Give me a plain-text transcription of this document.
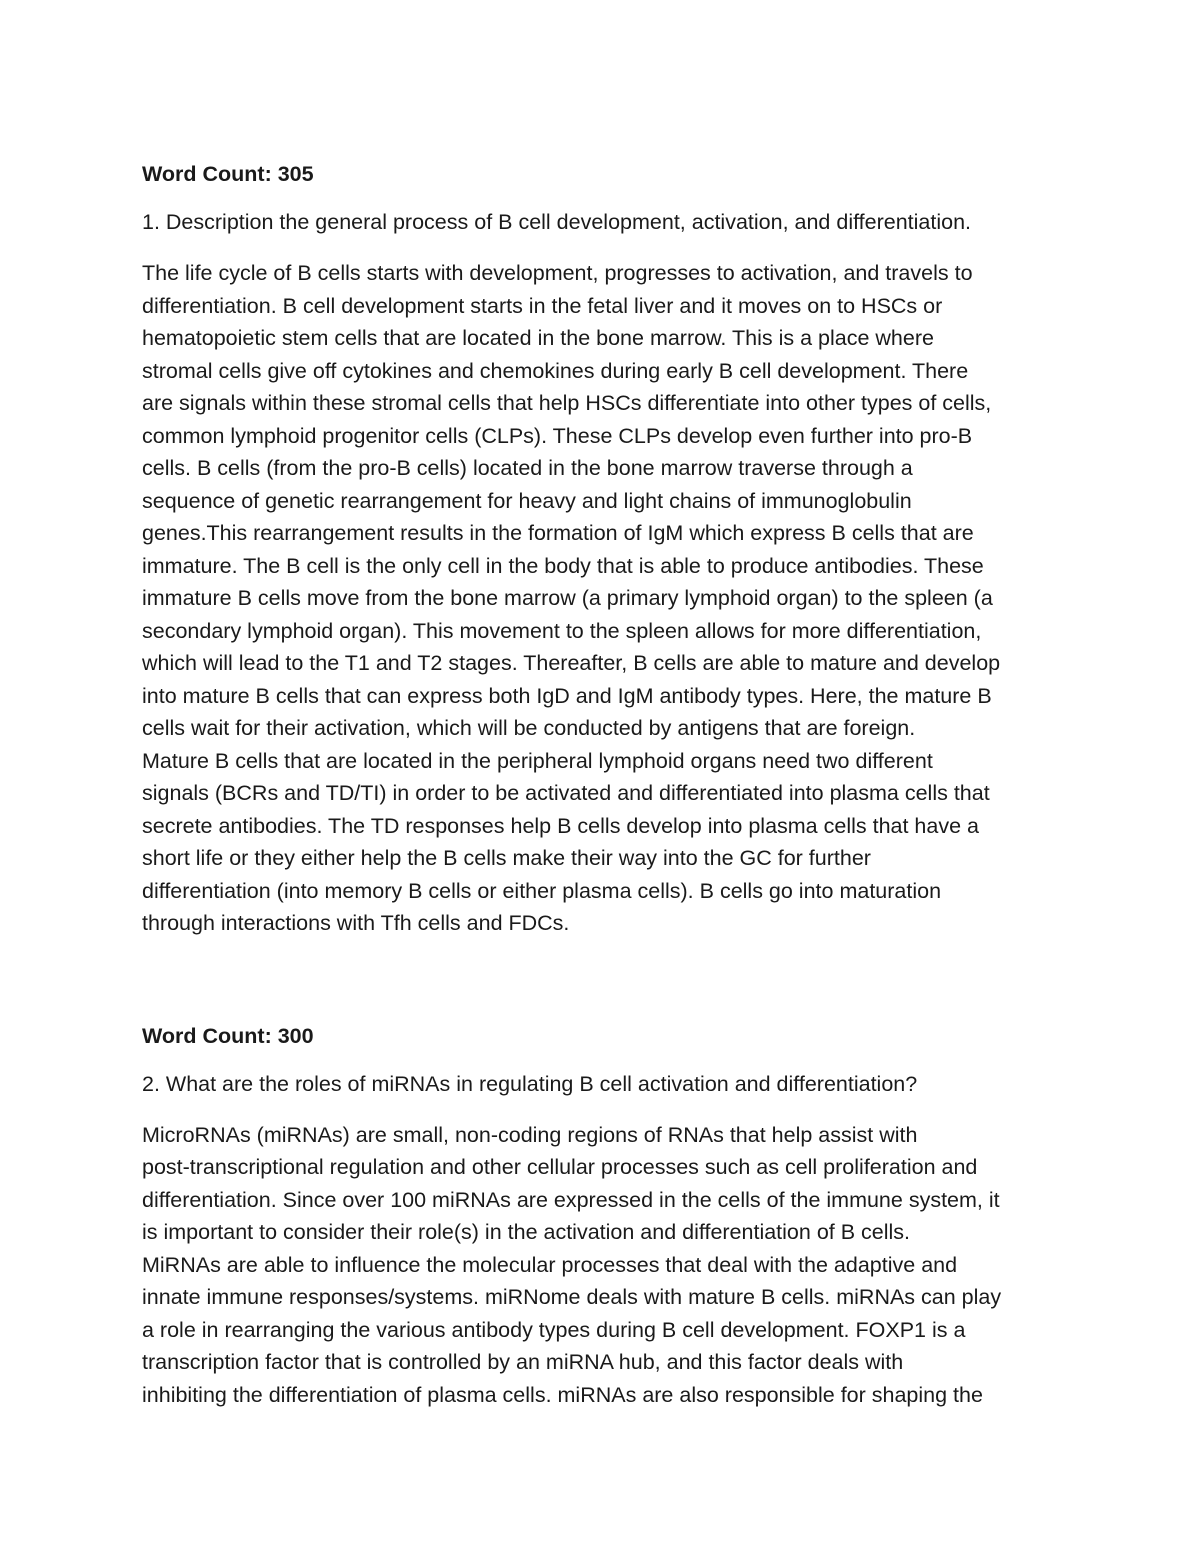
Word Count: 305

1. Description the general process of B cell development, activation, and differentiation.

The life cycle of B cells starts with development, progresses to activation, and travels to
differentiation. B cell development starts in the fetal liver and it moves on to HSCs or
hematopoietic stem cells that are located in the bone marrow. This is a place where
stromal cells give off cytokines and chemokines during early B cell development. There
are signals within these stromal cells that help HSCs differentiate into other types of cells,
common lymphoid progenitor cells (CLPs). These CLPs develop even further into pro-B
cells. B cells (from the pro-B cells) located in the bone marrow traverse through a
sequence of genetic rearrangement for heavy and light chains of immunoglobulin
genes.This rearrangement results in the formation of IgM which express B cells that are
immature. The B cell is the only cell in the body that is able to produce antibodies. These
immature B cells move from the bone marrow (a primary lymphoid organ) to the spleen (a
secondary lymphoid organ). This movement to the spleen allows for more differentiation,
which will lead to the T1 and T2 stages. Thereafter, B cells are able to mature and develop
into mature B cells that can express both IgD and IgM antibody types. Here, the mature B
cells wait for their activation, which will be conducted by antigens that are foreign.
Mature B cells that are located in the peripheral lymphoid organs need two different
signals (BCRs and TD/TI) in order to be activated and differentiated into plasma cells that
secrete antibodies. The TD responses help B cells develop into plasma cells that have a
short life or they either help the B cells make their way into the GC for further
differentiation (into memory B cells or either plasma cells). B cells go into maturation
through interactions with Tfh cells and FDCs.

Word Count: 300

2. What are the roles of miRNAs in regulating B cell activation and differentiation?

MicroRNAs (miRNAs) are small, non-coding regions of RNAs that help assist with
post-transcriptional regulation and other cellular processes such as cell proliferation and
differentiation. Since over 100 miRNAs are expressed in the cells of the immune system, it
is important to consider their role(s) in the activation and differentiation of B cells.
MiRNAs are able to influence the molecular processes that deal with the adaptive and
innate immune responses/systems. miRNome deals with mature B cells. miRNAs can play
a role in rearranging the various antibody types during B cell development. FOXP1 is a
transcription factor that is controlled by an miRNA hub, and this factor deals with
inhibiting the differentiation of plasma cells. miRNAs are also responsible for shaping the
